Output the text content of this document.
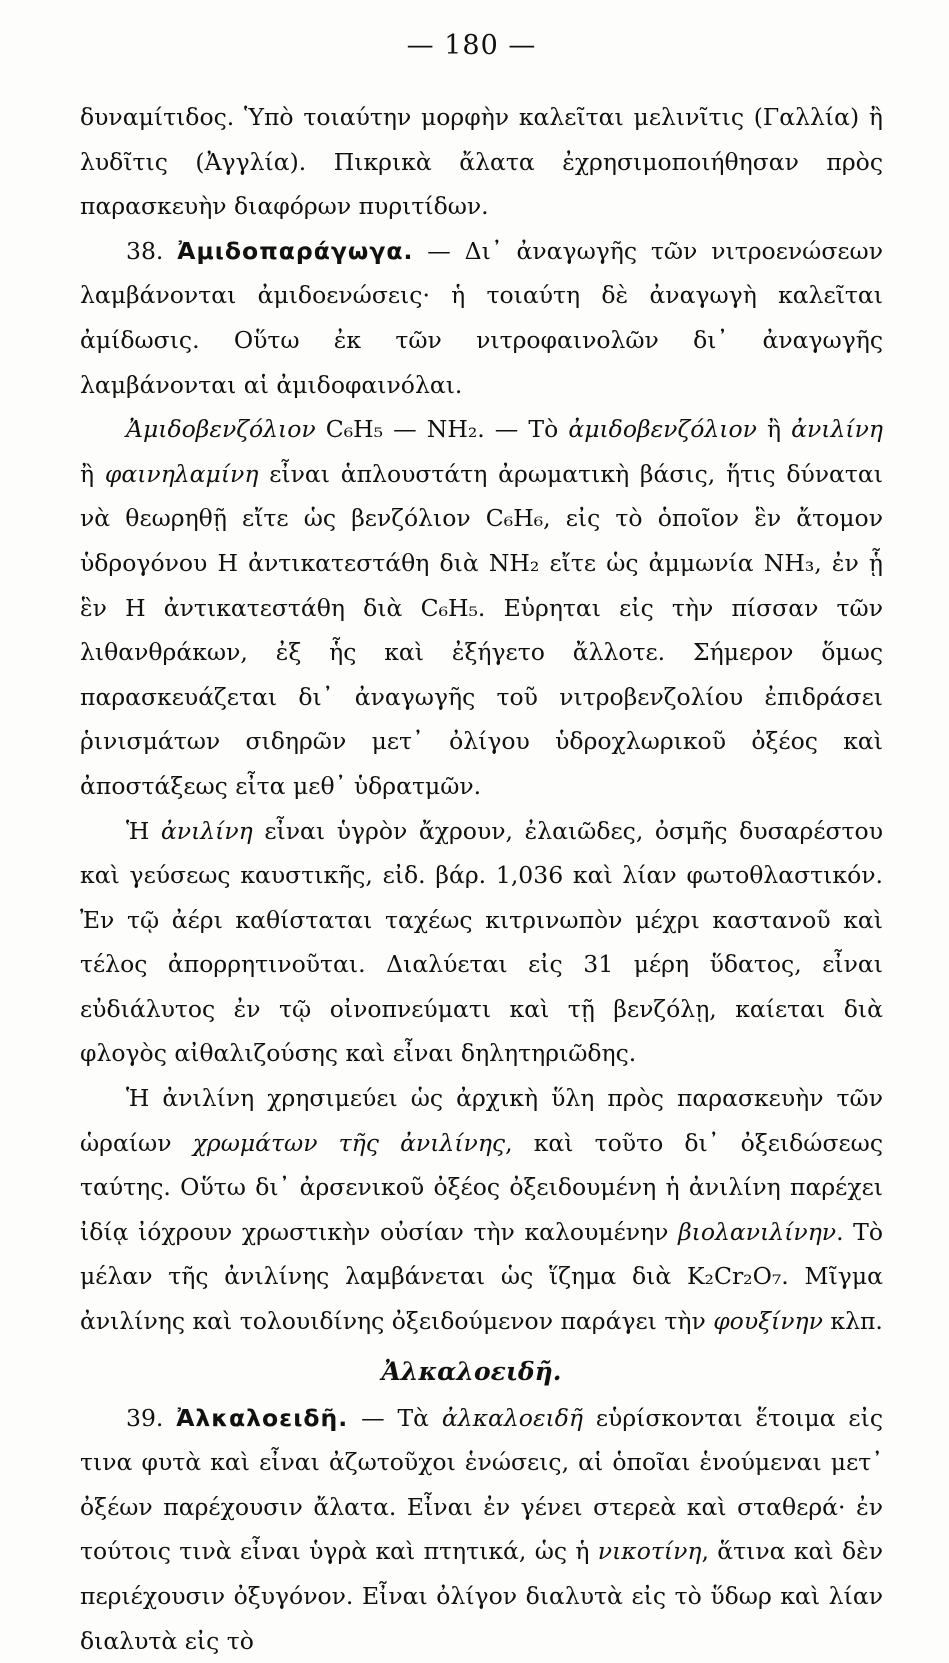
— 180 —

δυναμίτιδος. Ὑπὸ τοιαύτην μορφὴν καλεῖται μελινῖτις (Γαλλία) ἢ λυδῖτις (Ἀγγλία). Πικρικὰ ἄλατα ἐχρησιμοποιήθησαν πρὸς παρασκευὴν διαφόρων πυριτίδων.

38. Ἀμιδοπαράγωγα. — Δι᾽ ἀναγωγῆς τῶν νιτροενώσεων λαμβάνονται ἀμιδοενώσεις· ἡ τοιαύτη δὲ ἀναγωγὴ καλεῖται ἀμίδωσις. Οὕτω ἐκ τῶν νιτροφαινολῶν δι᾽ ἀναγωγῆς λαμβάνονται αἱ ἀμιδοφαινόλαι.

Ἀμιδοβενζόλιον C₆H₅ — NH₂. — Τὸ ἀμιδοβενζόλιον ἢ ἀνιλίνη ἢ φαινηλαμίνη εἶναι ἁπλουστάτη ἀρωματικὴ βάσις, ἥτις δύναται νὰ θεωρηθῇ εἴτε ὡς βενζόλιον C₆H₆, εἰς τὸ ὁποῖον ἓν ἄτομον ὑδρογόνου Η ἀντικατεστάθη διὰ NH₂ εἴτε ὡς ἀμμωνία NH₃, ἐν ᾗ ἓν Η ἀντικατεστάθη διὰ C₆H₅. Εὑρηται εἰς τὴν πίσσαν τῶν λιθανθράκων, ἐξ ἧς καὶ ἐξήγετο ἄλλοτε. Σήμερον ὅμως παρασκευάζεται δι᾽ ἀναγωγῆς τοῦ νιτροβενζολίου ἐπιδράσει ῥινισμάτων σιδηρῶν μετ᾽ ὀλίγου ὑδροχλωρικοῦ ὀξέος καὶ ἀποστάξεως εἶτα μεθ᾽ ὑδρατμῶν.

Ἡ ἀνιλίνη εἶναι ὑγρὸν ἄχρουν, ἐλαιῶδες, ὀσμῆς δυσαρέστου καὶ γεύσεως καυστικῆς, εἰδ. βάρ. 1,036 καὶ λίαν φωτοθλαστικόν. Ἐν τῷ ἀέρι καθίσταται ταχέως κιτρινωπὸν μέχρι καστανοῦ καὶ τέλος ἀπορρητινοῦται. Διαλύεται εἰς 31 μέρη ὕδατος, εἶναι εὐδιάλυτος ἐν τῷ οἰνοπνεύματι καὶ τῇ βενζόλῃ, καίεται διὰ φλογὸς αἰθαλιζούσης καὶ εἶναι δηλητηριῶδης.

Ἡ ἀνιλίνη χρησιμεύει ὡς ἀρχικὴ ὕλη πρὸς παρασκευὴν τῶν ὡραίων χρωμάτων τῆς ἀνιλίνης, καὶ τοῦτο δι᾽ ὀξειδώσεως ταύτης. Οὕτω δι᾽ ἀρσενικοῦ ὀξέος ὀξειδουμένη ἡ ἀνιλίνη παρέχει ἰδίᾳ ἰόχρουν χρωστικὴν οὐσίαν τὴν καλουμένην βιολανιλίνην. Τὸ μέλαν τῆς ἀνιλίνης λαμβάνεται ὡς ἵζημα διὰ K₂Cr₂O₇. Μῖγμα ἀνιλίνης καὶ τολουιδίνης ὀξειδούμενον παράγει τὴν φουξίνην κλπ.

Ἀλκαλοειδῆ.

39. Ἀλκαλοειδῆ. — Τὰ ἀλκαλοειδῆ εὑρίσκονται ἕτοιμα εἰς τινα φυτὰ καὶ εἶναι ἀζωτοῦχοι ἑνώσεις, αἱ ὁποῖαι ἑνούμεναι μετ᾽ ὀξέων παρέχουσιν ἄλατα. Εἶναι ἐν γένει στερεὰ καὶ σταθερά· ἐν τούτοις τινὰ εἶναι ὑγρὰ καὶ πτητικά, ὡς ἡ νικοτίνη, ἅτινα καὶ δὲν περιέχουσιν ὀξυγόνον. Εἶναι ὀλίγον διαλυτὰ εἰς τὸ ὕδωρ καὶ λίαν διαλυτὰ εἰς τὸ
